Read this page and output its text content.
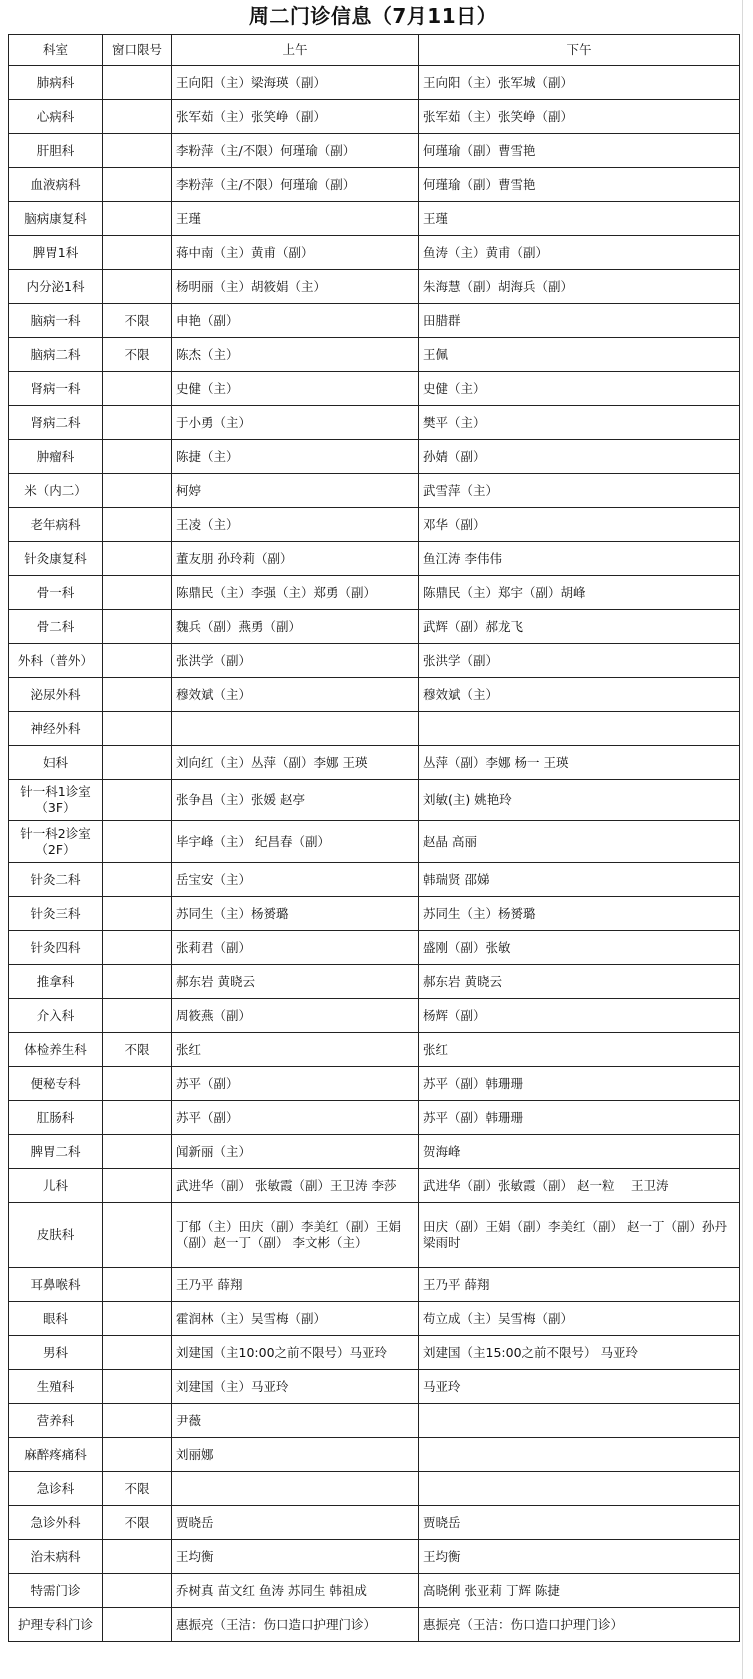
周二门诊信息（7月11日）
科室	窗口限号	上午	下午
肺病科		王向阳（主）梁海瑛（副）	王向阳（主）张军城（副）
心病科		张军茹（主）张笑峥（副）	张军茹（主）张笑峥（副）
肝胆科		李粉萍（主/不限）何瑾瑜（副）	何瑾瑜（副）曹雪艳
血液病科		李粉萍（主/不限）何瑾瑜（副）	何瑾瑜（副）曹雪艳
脑病康复科		王瑾	王瑾
脾胃1科		蒋中南（主）黄甫（副）	鱼涛（主）黄甫（副）
内分泌1科		杨明丽（主）胡筱娟（主）	朱海慧（副）胡海兵（副）
脑病一科	不限	申艳（副）	田腊群
脑病二科	不限	陈杰（主）	王佩
肾病一科		史健（主）	史健（主）
肾病二科		于小勇（主）	樊平（主）
肿瘤科		陈捷（主）	孙婧（副）
米（内二）		柯婷	武雪萍（主）
老年病科		王凌（主）	邓华（副）
针灸康复科		董友朋 孙玲莉（副）	鱼江涛 李伟伟
骨一科		陈鼎民（主）李强（主）郑勇（副）	陈鼎民（主）郑宇（副）胡峰
骨二科		魏兵（副）燕勇（副）	武辉（副）郝龙飞
外科（普外）		张洪学（副）	张洪学（副）
泌尿外科		穆效斌（主）	穆效斌（主）
神经外科			
妇科		刘向红（主）丛萍（副）李娜 王瑛	丛萍（副）李娜 杨一 王瑛
针一科1诊室（3F）		张争昌（主）张媛 赵亭	刘敏(主) 姚艳玲
针一科2诊室（2F）		毕宇峰（主） 纪昌春（副）	赵晶 高丽
针灸二科		岳宝安（主）	韩瑞贤 邵娣
针灸三科		苏同生（主）杨赟璐	苏同生（主）杨赟璐
针灸四科		张莉君（副）	盛刚（副）张敏
推拿科		郝东岩 黄晓云	郝东岩 黄晓云
介入科		周筱燕（副）	杨辉（副）
体检养生科	不限	张红	张红
便秘专科		苏平（副）	苏平（副）韩珊珊
肛肠科		苏平（副）	苏平（副）韩珊珊
脾胃二科		闻新丽（主）	贺海峰
儿科		武进华（副） 张敏霞（副）王卫涛 李莎	武进华（副）张敏霞（副） 赵一粒 　王卫涛
皮肤科		丁郁（主）田庆（副）李美红（副）王娟（副）赵一丁（副） 李文彬（主）	田庆（副）王娟（副）李美红（副） 赵一丁（副）孙丹 梁雨时
耳鼻喉科		王乃平 薛翔	王乃平 薛翔
眼科		霍润林（主）吴雪梅（副）	苟立成（主）吴雪梅（副）
男科		刘建国（主10:00之前不限号）马亚玲	刘建国（主15:00之前不限号） 马亚玲
生殖科		刘建国（主）马亚玲	马亚玲
营养科		尹薇	
麻醉疼痛科		刘丽娜	
急诊科	不限		
急诊外科	不限	贾晓岳	贾晓岳
治未病科		王均衡	王均衡
特需门诊		乔树真 苗文红 鱼涛 苏同生 韩祖成	高晓俐 张亚莉 丁辉 陈捷
护理专科门诊		惠振亮（王洁：伤口造口护理门诊）	惠振亮（王洁：伤口造口护理门诊）
